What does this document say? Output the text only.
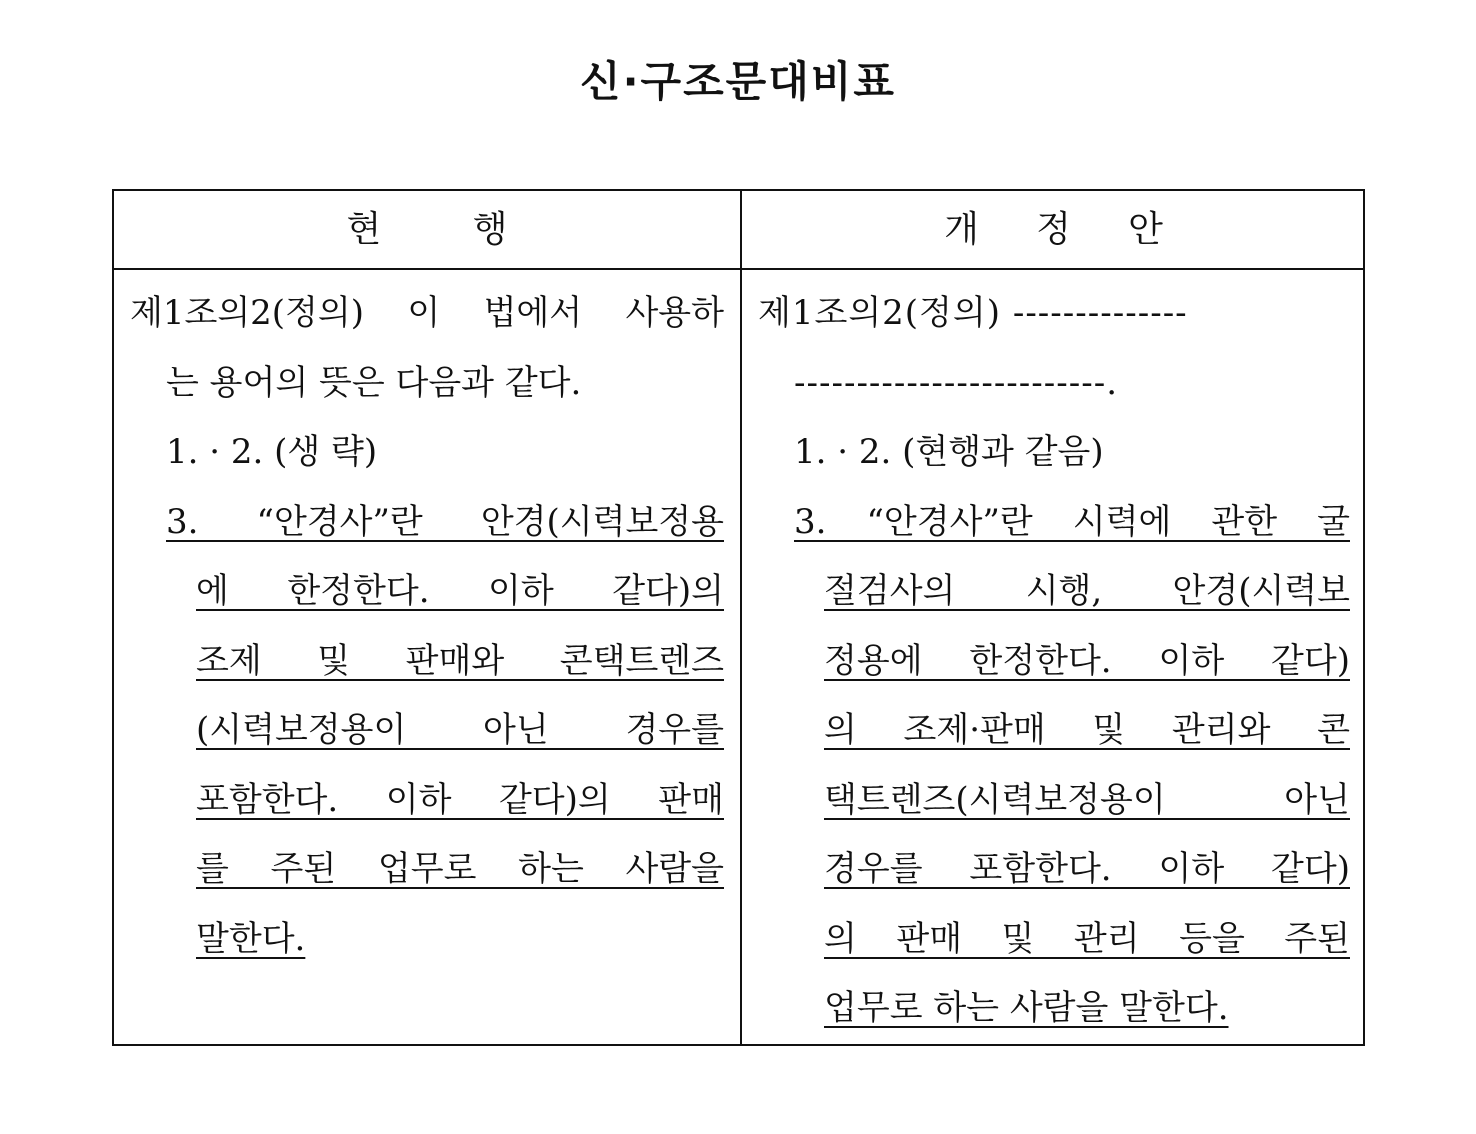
신·구조문대비표
현        행	개     정     안
제1조의2(정의) 이 법에서 사용하
는 용어의 뜻은 다음과 같다.
1. · 2. (생 략)
3. “안경사”란 안경(시력보정용
에 한정한다. 이하 같다)의
조제 및 판매와 콘택트렌즈
(시력보정용이 아닌 경우를
포함한다. 이하 같다)의 판매
를 주된 업무로 하는 사람을
말한다.
제1조의2(정의) --------------
-------------------------.
1. · 2. (현행과 같음)
3. “안경사”란 시력에 관한 굴
절검사의 시행, 안경(시력보
정용에 한정한다. 이하 같다)
의 조제·판매 및 관리와 콘
택트렌즈(시력보정용이 아닌
경우를 포함한다. 이하 같다)
의 판매 및 관리 등을 주된
업무로 하는 사람을 말한다.
